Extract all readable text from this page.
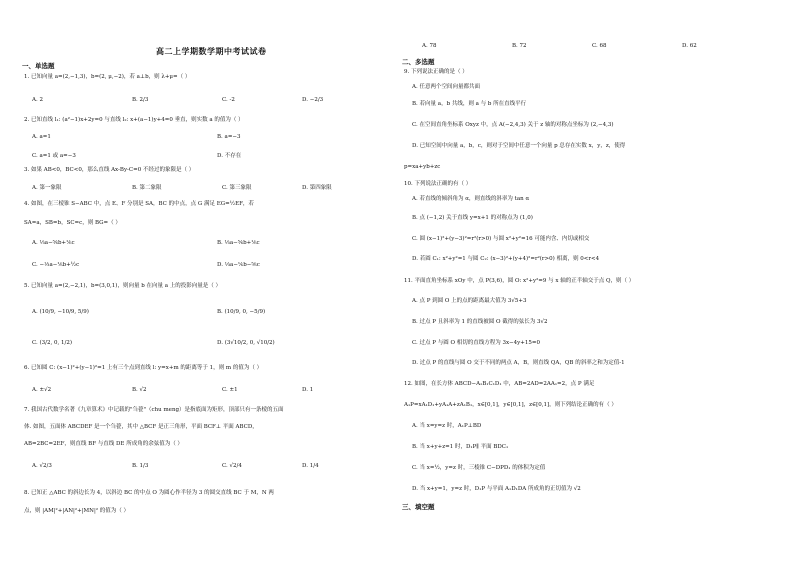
高二上学期数学期中考试试卷
一、单选题
1. 已知向量 a=(2,−1,3)，b=(2, μ,−2)，若 a⊥b，则 λ+μ=（ ）
A. 2	B. 2/3	C. -2	D. −2/3
2. 已知直线 l₁: (a²−1)x+2y=0 与直线 l₂: x+(a−1)y+4=0 垂直，则实数 a 的值为（ ）
A. a=1	B. a=−3
C. a=1 或 a=−3	D. 不存在
3. 如果 AB<0，BC<0，那么直线 Ax-By-C=0 不经过的象限是（ ）
A. 第一象限	B. 第二象限	C. 第三象限	D. 第四象限
4. 如图，在三棱锥 S−ABC 中，点 E、F 分别是 SA，BC 的中点，点 G 满足 EG=½EF，若
SA=a，SB=b，SC=c，则 BG=（ ）
A. ⅓a−⅚b+⅙c	B. ⅓a−⅚b+⅙c
C. −⅓a−⅙b+½c	D. ⅓a−⅙b−⅚c
5. 已知向量 a=(2,−2,1)，b=(3,0,1)，则向量 b 在向量 a 上的投影向量是（ ）
A. (10/9, −10/9, 5/9)	B. (10/9, 0, −5/9)
C. (3/2, 0, 1/2)	D. (3√10/2, 0, √10/2)
6. 已知圆 C: (x−1)²+(y−1)²=1 上有三个点到直线 l: y=x+m 的距离等于 1，则 m 的值为（ ）
A. ±√2	B. √2	C. ±1	D. 1
7. 我国古代数学名著《九章算术》中记载的"刍甍"（chu meng）是指底面为矩形，顶部只有一条棱的五面
体. 如图，五面体 ABCDEF 是一个刍甍，其中 △BCF 是正三角形，平面 BCF⊥ 平面 ABCD，
AB=2BC=2EF，则直线 BF 与直线 DE 所成角的余弦值为（ ）
A. √2/3	B. 1/3	C. √2/4	D. 1/4
8. 已知正 △ABC 的斜边长为 4，以斜边 BC 的中点 O 为圆心作半径为 3 的圆交直线 BC 于 M，N 两
点，则 |AM|²+|AN|²+|MN|² 的值为（ ）
A. 78	B. 72	C. 68	D. 62
二、多选题
9. 下列说法正确的是（ ）
A. 任意两个空间向量都共面
B. 若向量 a，b 共线，则 a 与 b 所在直线平行
C. 在空间直角坐标系 Oxyz 中，点 A(−2,4,3) 关于 z 轴的对称点坐标为 (2,−4,3)
D. 已知空间中向量 a，b，c，则对于空间中任意一个向量 p 总存在实数 x，y，z，使得
p=xa+yb+zc
10. 下列说法正确的有（ ）
A. 若直线的倾斜角为 α，则直线的斜率为 tan α
B. 点 (−1,2) 关于直线 y=x+1 的对称点为 (1,0)
C. 圆 (x−1)²+(y−3)²=r²(r>0) 与圆 x²+y²=16 可能内含、内切或相交
D. 若圆 C₁: x²+y²=1 与圆 C₂: (x−3)²+(y+4)²=r²(r>0) 相离，则 0<r<4
11. 平面直角坐标系 xOy 中，点 P(3,6)，圆 O: x²+y²=9 与 x 轴的正半轴交于点 Q，则（ ）
A. 点 P 到圆 O 上的点的距离最大值为 3√5+3
B. 过点 P 且斜率为 1 的直线被圆 O 截得的弦长为 3√2
C. 过点 P 与圆 O 相切的直线方程为 3x−4y+15=0
D. 过点 P 的直线与圆 O 交于不同的两点 A，B，则直线 QA，QB 的斜率之和为定值-1
12. 如图，在长方体 ABCD−A₁B₁C₁D₁ 中，AB=2AD=2AA₁=2，点 P 满足
A₁P=xA₁D₁+yA₁A+zA₁B₁，x∈[0,1]，y∈[0,1]，z∈[0,1]，则下列结论正确的有（ ）
A. 当 x=y=z 时，A₁P⊥BD
B. 当 x+y+z=1 时，D₁P∥ 平面 BDC₁
C. 当 x=½，y=z 时，三棱锥 C−DPD₁ 的体积为定值
D. 当 x+y=1，y=z 时，D₁P 与平面 A₁D₁DA 所成角的正切值为 √2
三、填空题
